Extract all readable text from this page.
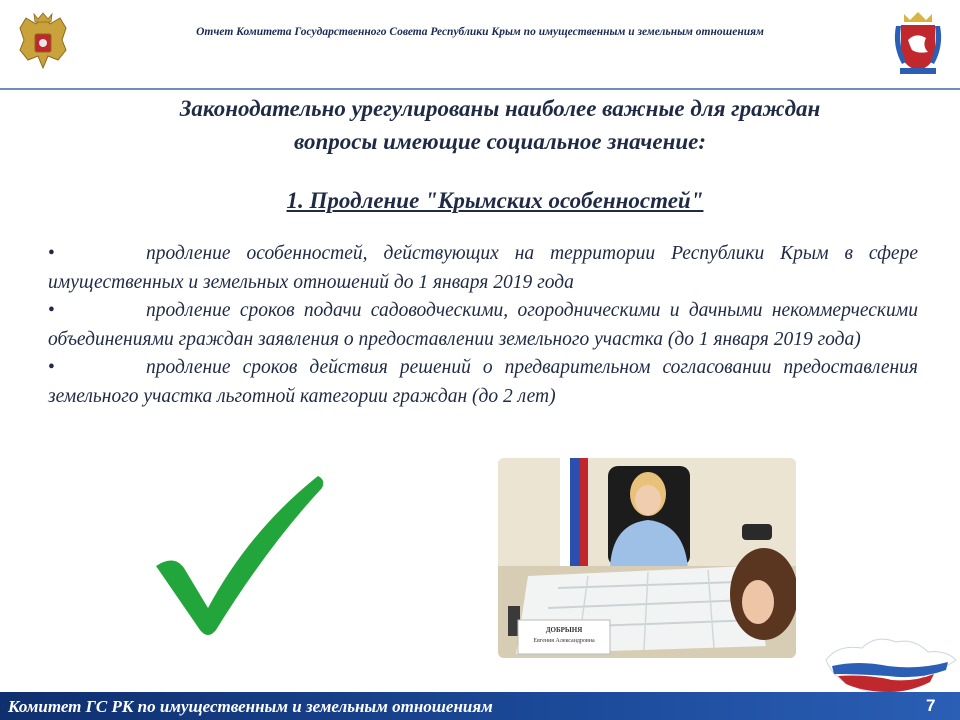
Отчет Комитета Государственного Совета Республики Крым по имущественным и земельным отношениям
Законодательно урегулированы наиболее важные для граждан
вопросы имеющие социальное значение:
1. Продление "Крымских особенностей"

•	продление особенностей, действующих на территории Республики Крым в сфере имущественных и земельных отношений до 1 января 2019 года

•	продление сроков подачи садоводческими, огородническими и дачными некоммерческими объединениями граждан заявления о предоставлении земельного участка (до 1 января 2019 года)

•	продление сроков действия решений о предварительном согласовании предоставления земельного участка льготной категории граждан (до 2 лет)

ДОБРЫНЯ
Евгения Александровна
Комитет ГС РК по имущественным и земельным отношениям	7
